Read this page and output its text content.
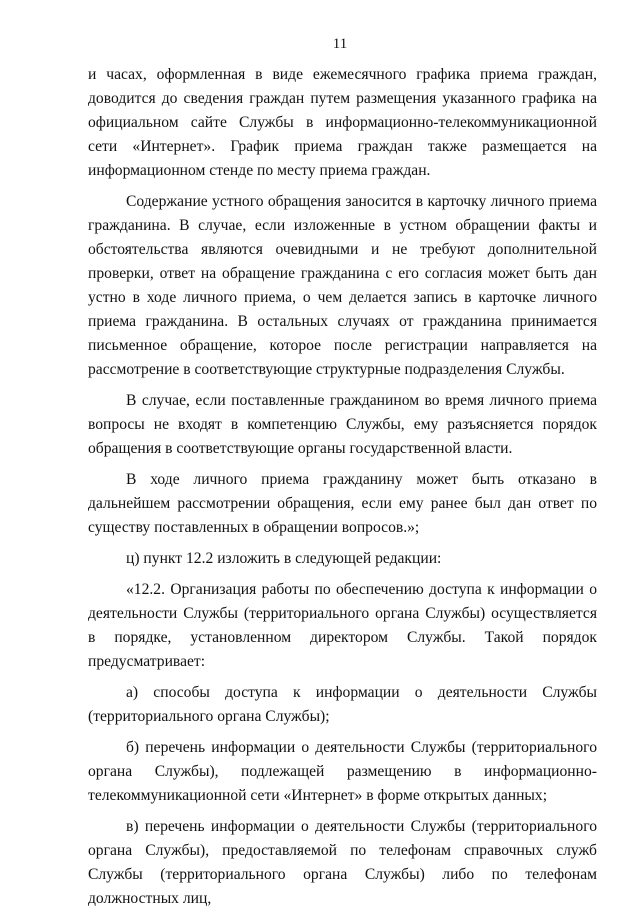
11

и часах, оформленная в виде ежемесячного графика приема граждан, доводится до сведения граждан путем размещения указанного графика на официальном сайте Службы в информационно-телекоммуникационной сети «Интернет». График приема граждан также размещается на информационном стенде по месту приема граждан.

Содержание устного обращения заносится в карточку личного приема гражданина. В случае, если изложенные в устном обращении факты и обстоятельства являются очевидными и не требуют дополнительной проверки, ответ на обращение гражданина с его согласия может быть дан устно в ходе личного приема, о чем делается запись в карточке личного приема гражданина. В остальных случаях от гражданина принимается письменное обращение, которое после регистрации направляется на рассмотрение в соответствующие структурные подразделения Службы.

В случае, если поставленные гражданином во время личного приема вопросы не входят в компетенцию Службы, ему разъясняется порядок обращения в соответствующие органы государственной власти.

В ходе личного приема гражданину может быть отказано в дальнейшем рассмотрении обращения, если ему ранее был дан ответ по существу поставленных в обращении вопросов.»;

ц) пункт 12.2 изложить в следующей редакции:

«12.2. Организация работы по обеспечению доступа к информации о деятельности Службы (территориального органа Службы) осуществляется в порядке, установленном директором Службы. Такой порядок предусматривает:

а) способы доступа к информации о деятельности Службы (территориального органа Службы);

б) перечень информации о деятельности Службы (территориального органа Службы), подлежащей размещению в информационно-телекоммуникационной сети «Интернет» в форме открытых данных;

в) перечень информации о деятельности Службы (территориального органа Службы), предоставляемой по телефонам справочных служб Службы (территориального органа Службы) либо по телефонам должностных лиц,
